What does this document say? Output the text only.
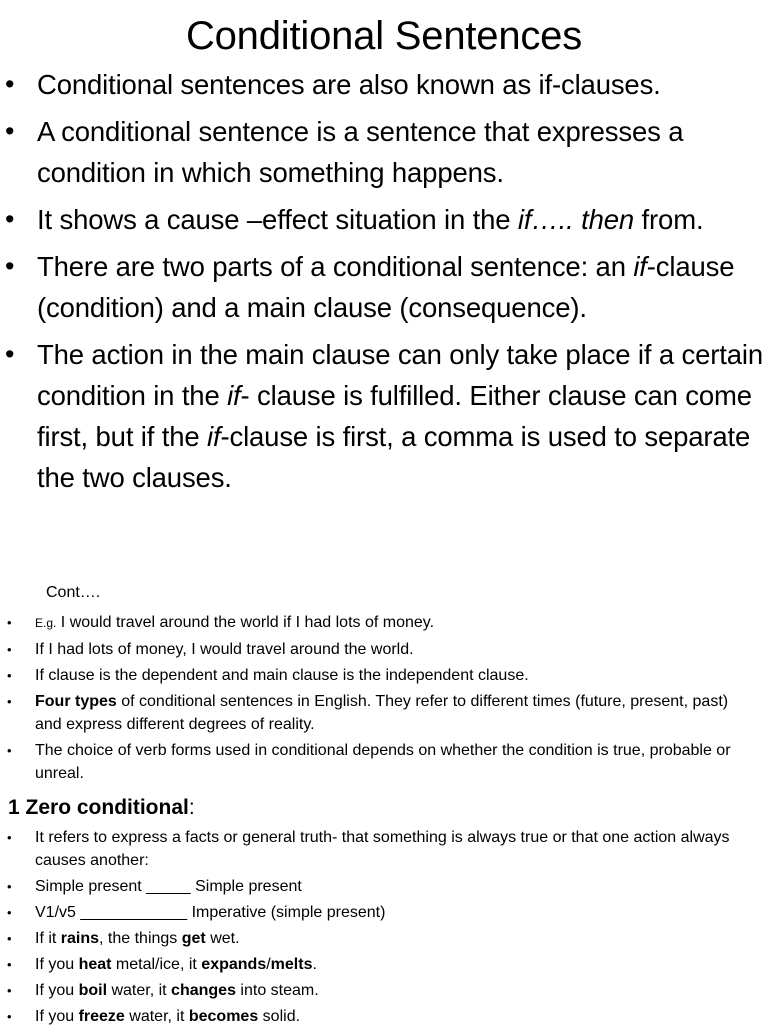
Conditional Sentences
• Conditional sentences are also known as if-clauses.
• A conditional sentence is a sentence that expresses a condition in which something happens.
• It shows a cause –effect situation in the if….. then from.
• There are two parts of a conditional sentence: an if-clause (condition) and a main clause (consequence).
• The action in the main clause can only take place if a certain condition in the if- clause is fulfilled. Either clause can come first, but if the if-clause is first, a comma is used to separate the two clauses.
Cont….
• E.g. I would travel around the world if I had lots of money.
• If I had lots of money, I would travel around the world.
• If clause is the dependent and main clause is the independent clause.
• Four types of conditional sentences in English. They refer to different times (future, present, past) and express different degrees of reality.
• The choice of verb forms used in conditional depends on whether the condition is true, probable or unreal.
1 Zero conditional:
• It refers to express a facts or general truth- that something is always true or that one action always causes another:
• Simple present _____ Simple present
• V1/v5 ____________ Imperative (simple present)
• If it rains, the things get wet.
• If you heat metal/ice, it expands/melts.
• If you boil water, it changes into steam.
• If you freeze water, it becomes solid.
